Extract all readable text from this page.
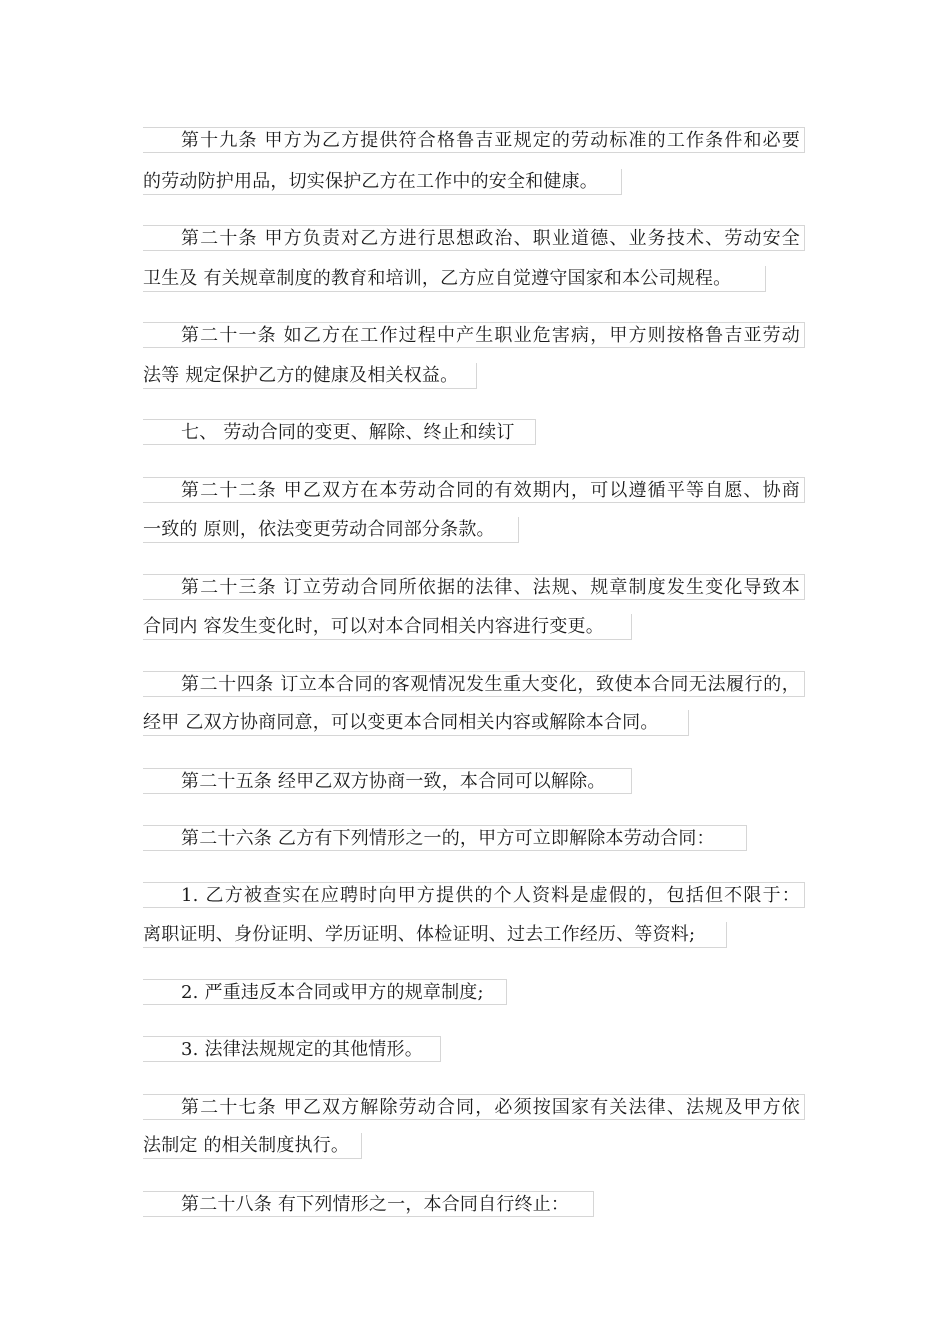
第十九条 甲方为乙方提供符合格鲁吉亚规定的劳动标准的工作条件和必要
的劳动防护用品，切实保护乙方在工作中的安全和健康。
第二十条 甲方负责对乙方进行思想政治、职业道德、业务技术、劳动安全
卫生及 有关规章制度的教育和培训，乙方应自觉遵守国家和本公司规程。
第二十一条 如乙方在工作过程中产生职业危害病，甲方则按格鲁吉亚劳动
法等 规定保护乙方的健康及相关权益。
七、 劳动合同的变更、解除、终止和续订
第二十二条 甲乙双方在本劳动合同的有效期内，可以遵循平等自愿、协商
一致的 原则，依法变更劳动合同部分条款。
第二十三条 订立劳动合同所依据的法律、法规、规章制度发生变化导致本
合同内 容发生变化时，可以对本合同相关内容进行变更。
第二十四条 订立本合同的客观情况发生重大变化，致使本合同无法履行的，
经甲 乙双方协商同意，可以变更本合同相关内容或解除本合同。
第二十五条 经甲乙双方协商一致，本合同可以解除。
第二十六条 乙方有下列情形之一的，甲方可立即解除本劳动合同：
1. 乙方被查实在应聘时向甲方提供的个人资料是虚假的，包括但不限于：
离职证明、身份证明、学历证明、体检证明、过去工作经历、等资料;
2. 严重违反本合同或甲方的规章制度;
3. 法律法规规定的其他情形。
第二十七条 甲乙双方解除劳动合同，必须按国家有关法律、法规及甲方依
法制定 的相关制度执行。
第二十八条 有下列情形之一，本合同自行终止：
